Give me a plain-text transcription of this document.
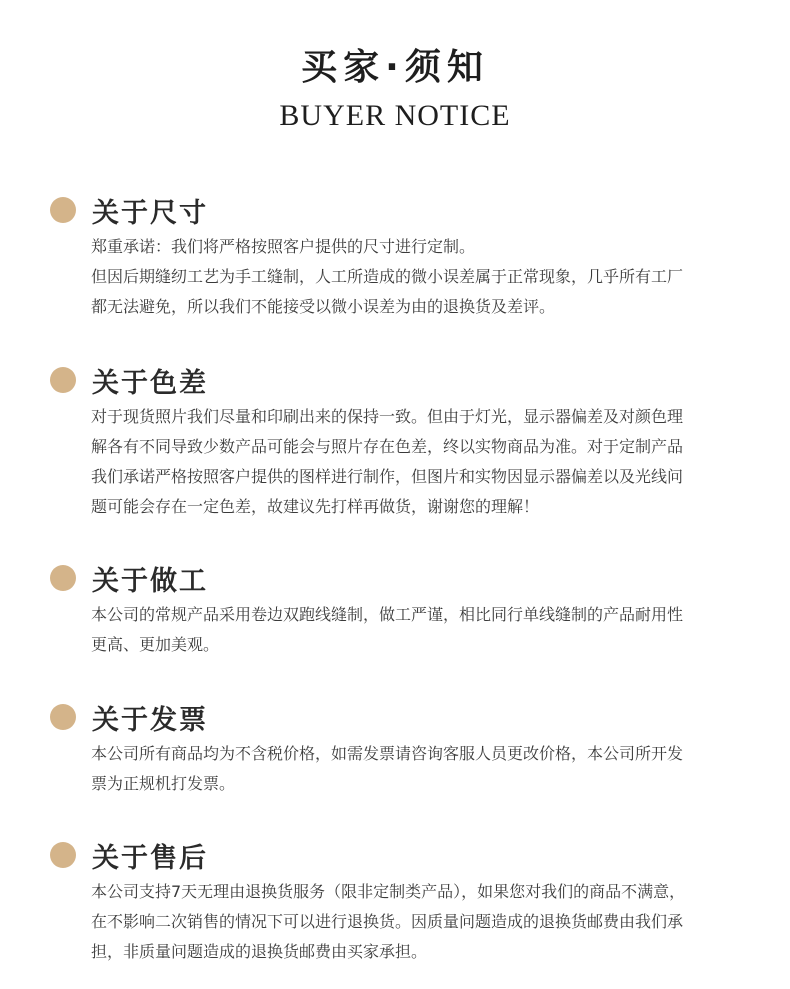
买家·须知
BUYER NOTICE
关于尺寸
郑重承诺：我们将严格按照客户提供的尺寸进行定制。
但因后期缝纫工艺为手工缝制，人工所造成的微小误差属于正常现象，几乎所有工厂
都无法避免，所以我们不能接受以微小误差为由的退换货及差评。
关于色差
对于现货照片我们尽量和印刷出来的保持一致。但由于灯光，显示器偏差及对颜色理
解各有不同导致少数产品可能会与照片存在色差，终以实物商品为准。对于定制产品
我们承诺严格按照客户提供的图样进行制作，但图片和实物因显示器偏差以及光线问
题可能会存在一定色差，故建议先打样再做货，谢谢您的理解！
关于做工
本公司的常规产品采用卷边双跑线缝制，做工严谨，相比同行单线缝制的产品耐用性
更高、更加美观。
关于发票
本公司所有商品均为不含税价格，如需发票请咨询客服人员更改价格，本公司所开发
票为正规机打发票。
关于售后
本公司支持7天无理由退换货服务（限非定制类产品），如果您对我们的商品不满意，
在不影响二次销售的情况下可以进行退换货。因质量问题造成的退换货邮费由我们承
担，非质量问题造成的退换货邮费由买家承担。
